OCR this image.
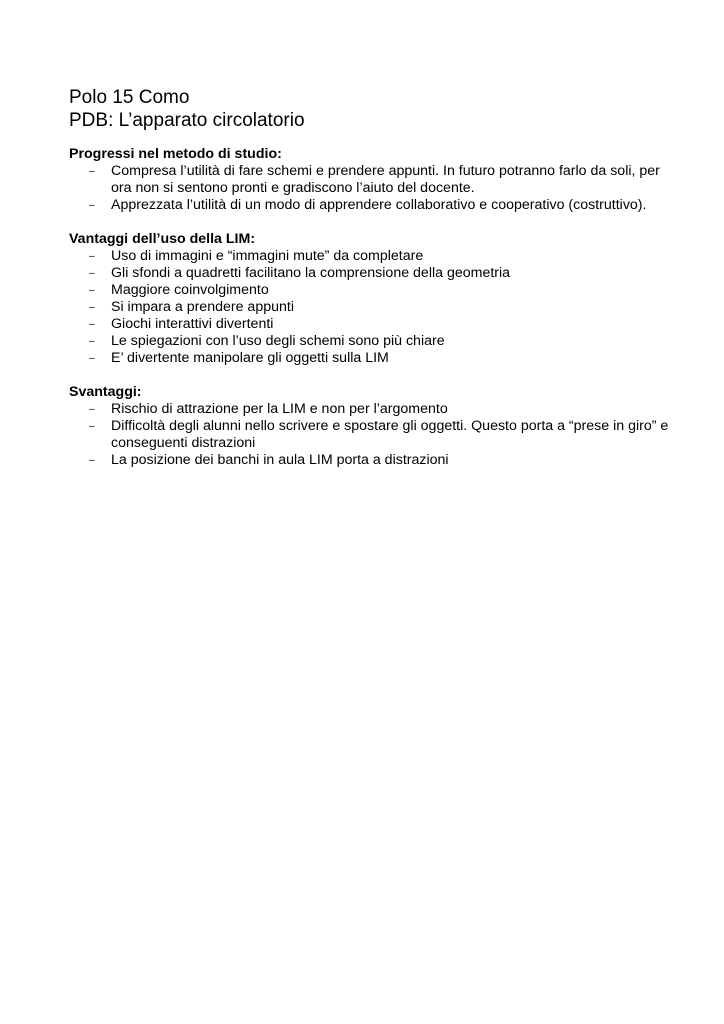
Polo 15 Como
PDB: L’apparato circolatorio

Progressi nel metodo di studio:

– Compresa l’utilità di fare schemi e prendere appunti. In futuro potranno farlo da soli, per ora non si sentono pronti e gradiscono l’aiuto del docente.
– Apprezzata l’utilità di un modo di apprendere collaborativo e cooperativo (costruttivo).

Vantaggi dell’uso della LIM:

– Uso di immagini e “immagini mute” da completare
– Gli sfondi a quadretti facilitano la comprensione della geometria
– Maggiore coinvolgimento
– Si impara a prendere appunti
– Giochi interattivi divertenti
– Le spiegazioni con l’uso degli schemi sono più chiare
– E’ divertente manipolare gli oggetti sulla LIM

Svantaggi:

– Rischio di attrazione per la LIM e non per l’argomento
– Difficoltà degli alunni nello scrivere e spostare gli oggetti. Questo porta a “prese in giro” e conseguenti distrazioni
– La posizione dei banchi in aula LIM porta a distrazioni
